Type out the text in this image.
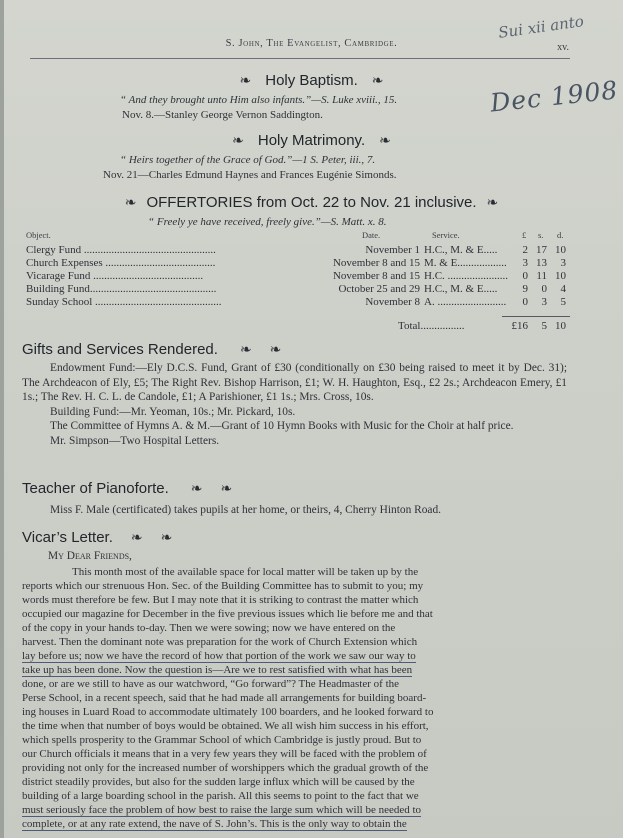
Sui xii anto
Dec 1908
S. John, The Evangelist, Cambridge.	xv.
❧ Holy Baptism. ❧
“ And they brought unto Him also infants.”—S. Luke xviii., 15.
Nov. 8.—Stanley George Vernon Saddington.
❧ Holy Matrimony. ❧
“ Heirs together of the Grace of God.”—1 S. Peter, iii., 7.
Nov. 21—Charles Edmund Haynes and Frances Eugénie Simonds.
❧ OFFERTORIES from Oct. 22 to Nov. 21 inclusive. ❧
“ Freely ye have received, freely give.”—S. Matt. x. 8.
Object.	Date.	Service.	£ s. d.
Clergy Fund ................................................	November 1 H.C., M. & E.....	2 17 10
Church Expenses ........................................	November 8 and 15 M. & E..................	3 13	3
Vicarage Fund ........................................	November 8 and 15 H.C. ......................	0 11 10
Building Fund..............................................	October 25 and 29 H.C., M. & E.....	9	0	4
Sunday School ..............................................	November 8 A. .........................	0	3	5
Total................	£16	5 10
Gifts and Services Rendered. ❧ ❧

Endowment Fund:—Ely D.C.S. Fund, Grant of £30 (conditionally on £30 being raised to meet it by Dec. 31); The Archdeacon of Ely, £5; The Right Rev. Bishop Harrison, £1; W. H. Haughton, Esq., £2 2s.; Archdeacon Emery, £1 1s.; The Rev. H. C. L. de Candole, £1; A Parishioner, £1 1s.; Mrs. Cross, 10s.

Building Fund:—Mr. Yeoman, 10s.; Mr. Pickard, 10s.

The Committee of Hymns A. & M.—Grant of 10 Hymn Books with Music for the Choir at half price.

Mr. Simpson—Two Hospital Letters.

Teacher of Pianoforte. ❧ ❧

Miss F. Male (certificated) takes pupils at her home, or theirs, 4, Cherry Hinton Road.

Vicar’s Letter. ❧ ❧
My Dear Friends,
This month most of the available space for local matter will be taken up by the
reports which our strenuous Hon. Sec. of the Building Committee has to submit to you; my
words must therefore be few. But I may note that it is striking to contrast the matter which
occupied our magazine for December in the five previous issues which lie before me and that
of the copy in your hands to-day. Then we were sowing; now we have entered on the
harvest. Then the dominant note was preparation for the work of Church Extension which
lay before us; now we have the record of how that portion of the work we saw our way to
take up has been done. Now the question is—Are we to rest satisfied with what has been
done, or are we still to have as our watchword, “Go forward”? The Headmaster of the
Perse School, in a recent speech, said that he had made all arrangements for building board-
ing houses in Luard Road to accommodate ultimately 100 boarders, and he looked forward to
the time when that number of boys would be obtained. We all wish him success in his effort,
which spells prosperity to the Grammar School of which Cambridge is justly proud. But to
our Church officials it means that in a very few years they will be faced with the problem of
providing not only for the increased number of worshippers which the gradual growth of the
district steadily provides, but also for the sudden large influx which will be caused by the
building of a large boarding school in the parish. All this seems to point to the fact that we
must seriously face the problem of how best to raise the large sum which will be needed to
complete, or at any rate extend, the nave of S. John’s. This is the only way to obtain the
